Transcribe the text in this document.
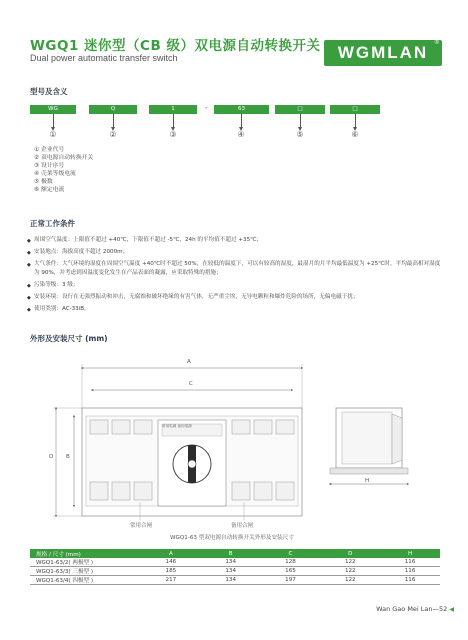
WGQ1 迷你型（CB 级）双电源自动转换开关
Dual power automatic transfer switch	WGMLAN ®
型号及含义
WG	Q	1	-	63	□	□
①	②	③	④	⑤	⑥
① 企业代号
② 双电源自动转换开关
③ 设计序号
④ 壳架等级电流
⑤ 极数
⑥ 额定电流
正常工作条件
◆ 周围空气温度：上限值不超过 +40℃，下限值不超过 -5℃，24h 的平均值不超过 +35℃；
◆ 安装地点：海拔高度不超过 2000m；
◆ 大气条件：大气环境的湿度在周围空气温度 +40℃时不超过 50%，在较低的温度下，可以有较高的湿度，最湿月的月平均最低温度为 +25℃时，平均最高相对湿度为 90%，并考虑到因温度变化发生在产品表面的凝露，应采取特殊的措施；
◆ 污染等级：3 级；
◆ 安装环境：设行在无强烈振动和冲击，无腐蚀和破坏绝缘的有害气体，无严重尘埃，无导电颗粒和爆炸危险的场所，无偏电磁干扰；
◆ 使用类别：AC-33iB。
外形及安装尺寸 (mm)
A
C
D B
H
常用电源 备用电源
常用合闸	备用合闸
WGQ1-63 型双电源自动转换开关外形及安装尺寸
规格 / 尺寸 (mm)	A	B	C	D	H
WGQ1-63/2( 两极型 )	146	134	128	122	116
WGQ1-63/3( 三极型 )	185	134	165	122	116
WGQ1-63/4( 四极型 )	217	134	197	122	116
Wan Gao Mei Lan—52 ◀
